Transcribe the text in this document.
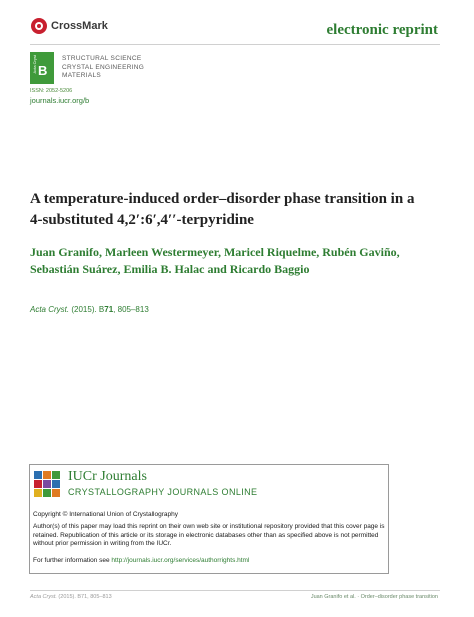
CrossMark	electronic reprint
Acta Cryst B
STRUCTURAL SCIENCE
CRYSTAL ENGINEERING
MATERIALS
ISSN: 2052-5206
journals.iucr.org/b
A temperature-induced order–disorder phase transition in a
4-substituted 4,2′:6′,4′′-terpyridine
Juan Granifo, Marleen Westermeyer, Maricel Riquelme, Rubén Gaviño,
Sebastián Suárez, Emilia B. Halac and Ricardo Baggio
Acta Cryst. (2015). B71, 805–813
IUCr Journals
CRYSTALLOGRAPHY JOURNALS ONLINE
Copyright © International Union of Crystallography
Author(s) of this paper may load this reprint on their own web site or institutional repository provided that this cover page is retained. Republication of this article or its storage in electronic databases other than as specified above is not permitted without prior permission in writing from the IUCr.
For further information see http://journals.iucr.org/services/authorrights.html
Acta Cryst. (2015). B71, 805–813	Juan Granifo et al. · Order–disorder phase transition
